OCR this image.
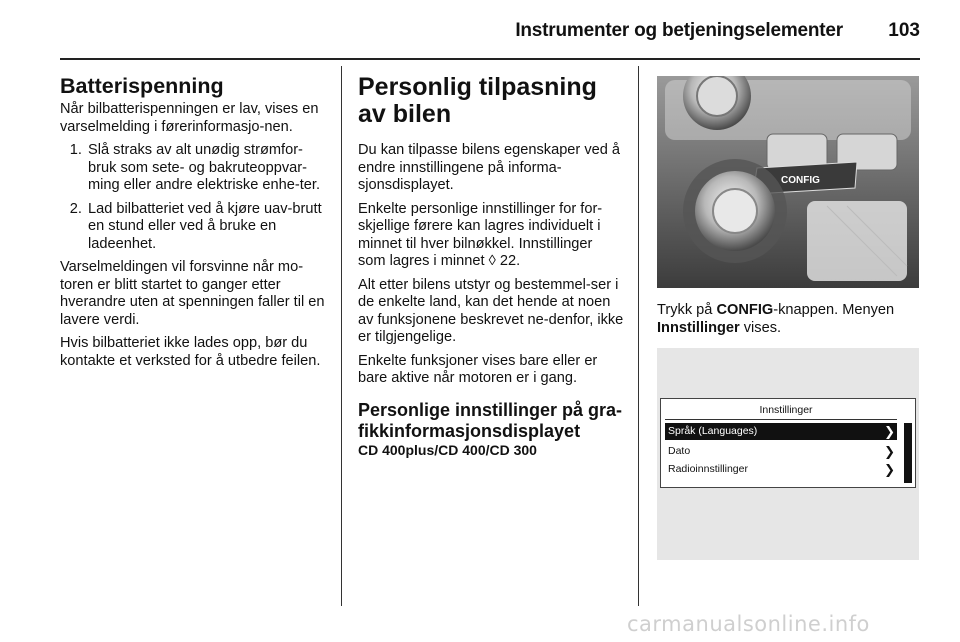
Instrumenter og betjeningselementer 103
Batterispenning

Når bilbatterispenningen er lav, vises en varselmelding i førerinformasjo-nen.

1. Slå straks av alt unødig strømfor-bruk som sete- og bakruteoppvar-ming eller andre elektriske enhe-ter.
2. Lad bilbatteriet ved å kjøre uav-brutt en stund eller ved å bruke en ladeenhet.

Varselmeldingen vil forsvinne når mo-toren er blitt startet to ganger etter hverandre uten at spenningen faller til en lavere verdi.

Hvis bilbatteriet ikke lades opp, bør du kontakte et verksted for å utbedre feilen.

Personlig tilpasning av bilen

Du kan tilpasse bilens egenskaper ved å endre innstillingene på informa-sjonsdisplayet.

Enkelte personlige innstillinger for for-skjellige førere kan lagres individuelt i minnet til hver bilnøkkel. Innstillinger som lagres i minnet ◊ 22.

Alt etter bilens utstyr og bestemmel-ser i de enkelte land, kan det hende at noen av funksjonene beskrevet ne-denfor, ikke er tilgjengelige.

Enkelte funksjoner vises bare eller er bare aktive når motoren er i gang.

Personlige innstillinger på gra-fikkinformasjonsdisplayet
CD 400plus/CD 400/CD 300
CONFIG
Trykk på CONFIG-knappen. Menyen Innstillinger vises.
Innstillinger
Språk (Languages)	❯
Dato	❯
Radioinnstillinger	❯
carmanualsonline.info
